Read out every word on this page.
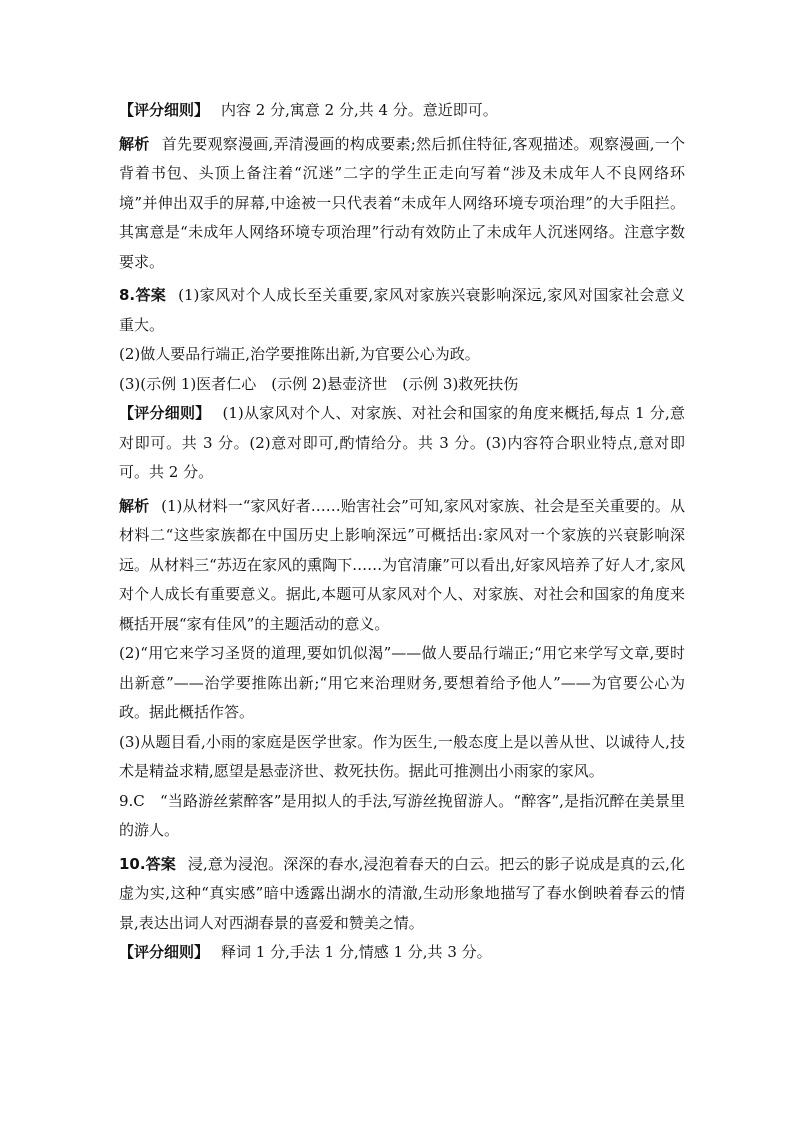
【评分细则】 内容 2 分,寓意 2 分,共 4 分。意近即可。

解析 首先要观察漫画,弄清漫画的构成要素;然后抓住特征,客观描述。观察漫画,一个背着书包、头顶上备注着“沉迷”二字的学生正走向写着“涉及未成年人不良网络环境”并伸出双手的屏幕,中途被一只代表着“未成年人网络环境专项治理”的大手阻拦。其寓意是“未成年人网络环境专项治理”行动有效防止了未成年人沉迷网络。注意字数要求。

8.答案 (1)家风对个人成长至关重要,家风对家族兴衰影响深远,家风对国家社会意义重大。

(2)做人要品行端正,治学要推陈出新,为官要公心为政。

(3)(示例 1)医者仁心　(示例 2)悬壶济世　(示例 3)救死扶伤

【评分细则】 (1)从家风对个人、对家族、对社会和国家的角度来概括,每点 1 分,意对即可。共 3 分。(2)意对即可,酌情给分。共 3 分。(3)内容符合职业特点,意对即可。共 2 分。

解析 (1)从材料一“家风好者……贻害社会”可知,家风对家族、社会是至关重要的。从材料二“这些家族都在中国历史上影响深远”可概括出:家风对一个家族的兴衰影响深远。从材料三“苏迈在家风的熏陶下……为官清廉”可以看出,好家风培养了好人才,家风对个人成长有重要意义。据此,本题可从家风对个人、对家族、对社会和国家的角度来概括开展“家有佳风”的主题活动的意义。

(2)“用它来学习圣贤的道理,要如饥似渴”——做人要品行端正;“用它来学写文章,要时出新意”——治学要推陈出新;“用它来治理财务,要想着给予他人”——为官要公心为政。据此概括作答。

(3)从题目看,小雨的家庭是医学世家。作为医生,一般态度上是以善从世、以诚待人,技术是精益求精,愿望是悬壶济世、救死扶伤。据此可推测出小雨家的家风。

9.C　“当路游丝萦醉客”是用拟人的手法,写游丝挽留游人。“醉客”,是指沉醉在美景里的游人。

10.答案 浸,意为浸泡。深深的春水,浸泡着春天的白云。把云的影子说成是真的云,化虚为实,这种“真实感”暗中透露出湖水的清澈,生动形象地描写了春水倒映着春云的情景,表达出词人对西湖春景的喜爱和赞美之情。

【评分细则】 释词 1 分,手法 1 分,情感 1 分,共 3 分。
